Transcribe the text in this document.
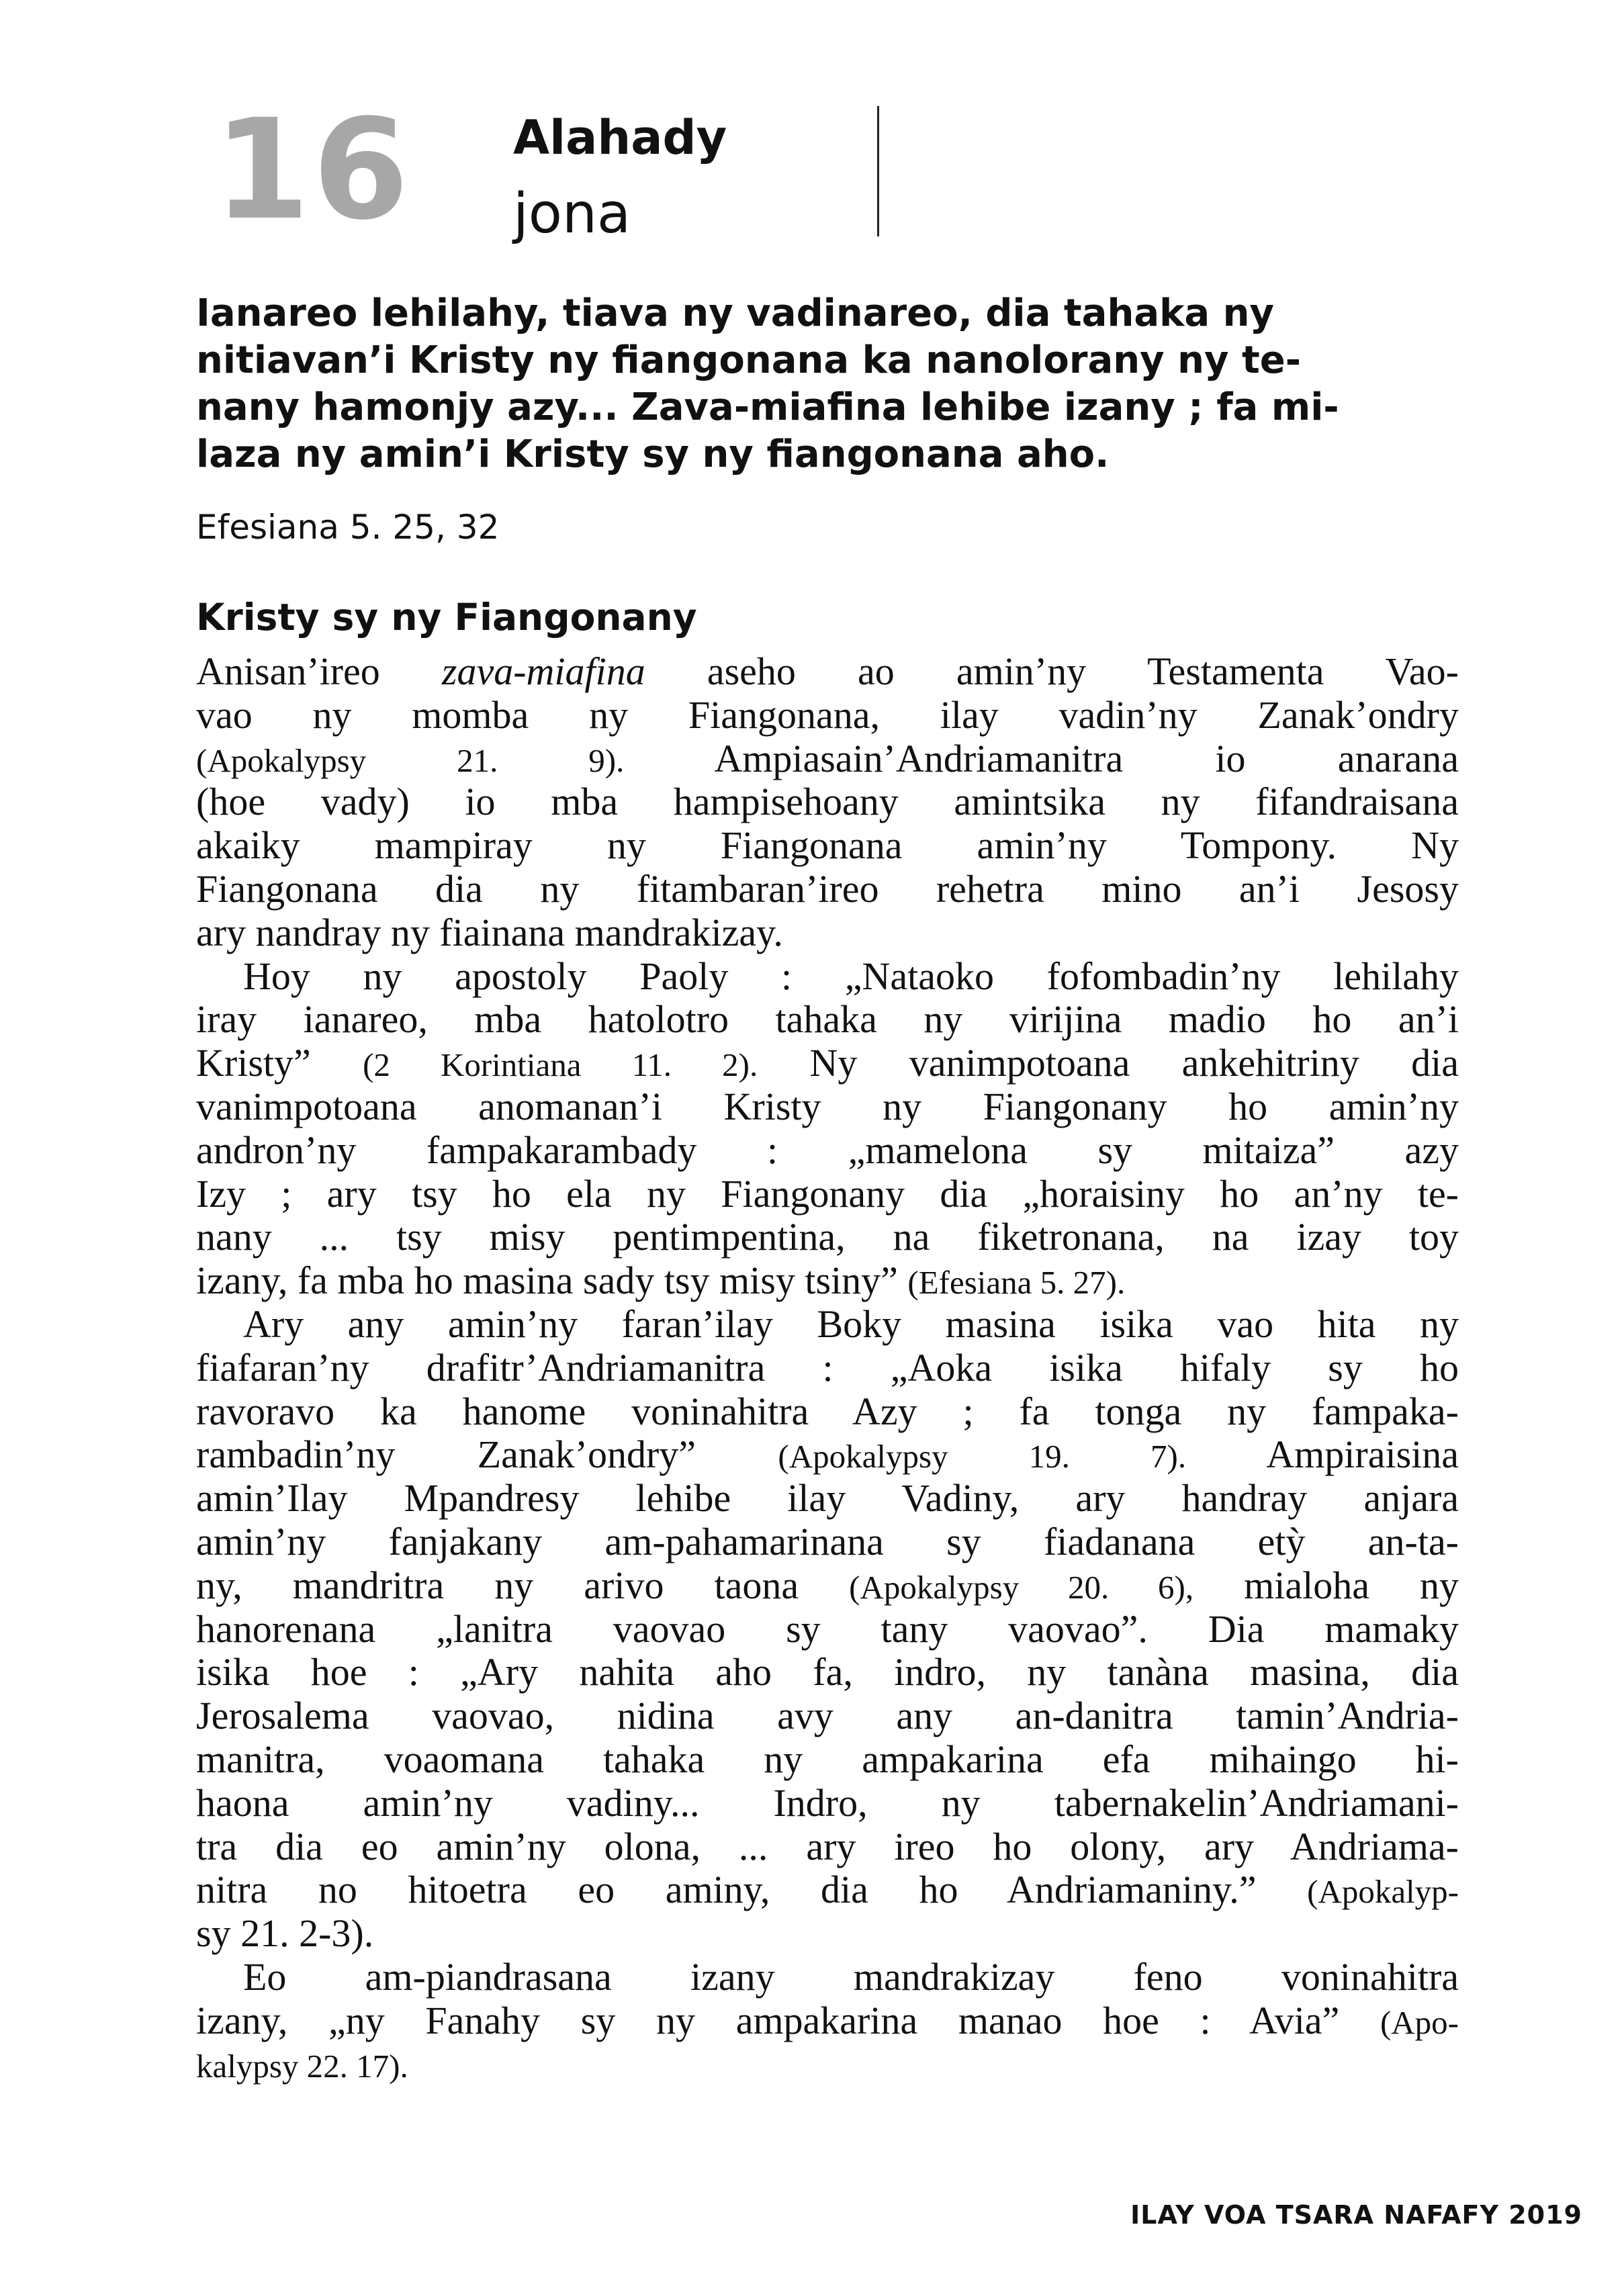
16 Alahady
jona
Ianareo lehilahy, tiava ny vadinareo, dia tahaka ny
nitiavan’i Kristy ny fiangonana ka nanolorany ny te-
nany hamonjy azy... Zava-miafina lehibe izany ; fa mi-
laza ny amin’i Kristy sy ny fiangonana aho.
Efesiana 5. 25, 32
Kristy sy ny Fiangonany
Anisan’ireo zava-miafina aseho ao amin’ny Testamenta Vao-
vao ny momba ny Fiangonana, ilay vadin’ny Zanak’ondry
(Apokalypsy 21. 9). Ampiasain’Andriamanitra io anarana
(hoe vady) io mba hampisehoany amintsika ny fifandraisana
akaiky mampiray ny Fiangonana amin’ny Tompony. Ny
Fiangonana dia ny fitambaran’ireo rehetra mino an’i Jesosy
ary nandray ny fiainana mandrakizay.
Hoy ny apostoly Paoly : „Nataoko fofombadin’ny lehilahy
iray ianareo, mba hatolotro tahaka ny virijina madio ho an’i
Kristy” (2 Korintiana 11. 2). Ny vanimpotoana ankehitriny dia
vanimpotoana anomanan’i Kristy ny Fiangonany ho amin’ny
andron’ny fampakarambady : „mamelona sy mitaiza” azy
Izy ; ary tsy ho ela ny Fiangonany dia „horaisiny ho an’ny te-
nany ... tsy misy pentimpentina, na fiketronana, na izay toy
izany, fa mba ho masina sady tsy misy tsiny” (Efesiana 5. 27).
Ary any amin’ny faran’ilay Boky masina isika vao hita ny
fiafaran’ny drafitr’Andriamanitra : „Aoka isika hifaly sy ho
ravoravo ka hanome voninahitra Azy ; fa tonga ny fampaka-
rambadin’ny Zanak’ondry” (Apokalypsy 19. 7). Ampiraisina
amin’Ilay Mpandresy lehibe ilay Vadiny, ary handray anjara
amin’ny fanjakany am-pahamarinana sy fiadanana etỳ an-ta-
ny, mandritra ny arivo taona (Apokalypsy 20. 6), mialoha ny
hanorenana „lanitra vaovao sy tany vaovao”. Dia mamaky
isika hoe : „Ary nahita aho fa, indro, ny tanàna masina, dia
Jerosalema vaovao, nidina avy any an-danitra tamin’Andria-
manitra, voaomana tahaka ny ampakarina efa mihaingo hi-
haona amin’ny vadiny... Indro, ny tabernakelin’Andriamani-
tra dia eo amin’ny olona, ... ary ireo ho olony, ary Andriama-
nitra no hitoetra eo aminy, dia ho Andriamaniny.” (Apokalyp-
sy 21. 2-3).
Eo am-piandrasana izany mandrakizay feno voninahitra
izany, „ny Fanahy sy ny ampakarina manao hoe : Avia” (Apo-
kalypsy 22. 17).
ILAY VOA TSARA NAFAFY 2019
